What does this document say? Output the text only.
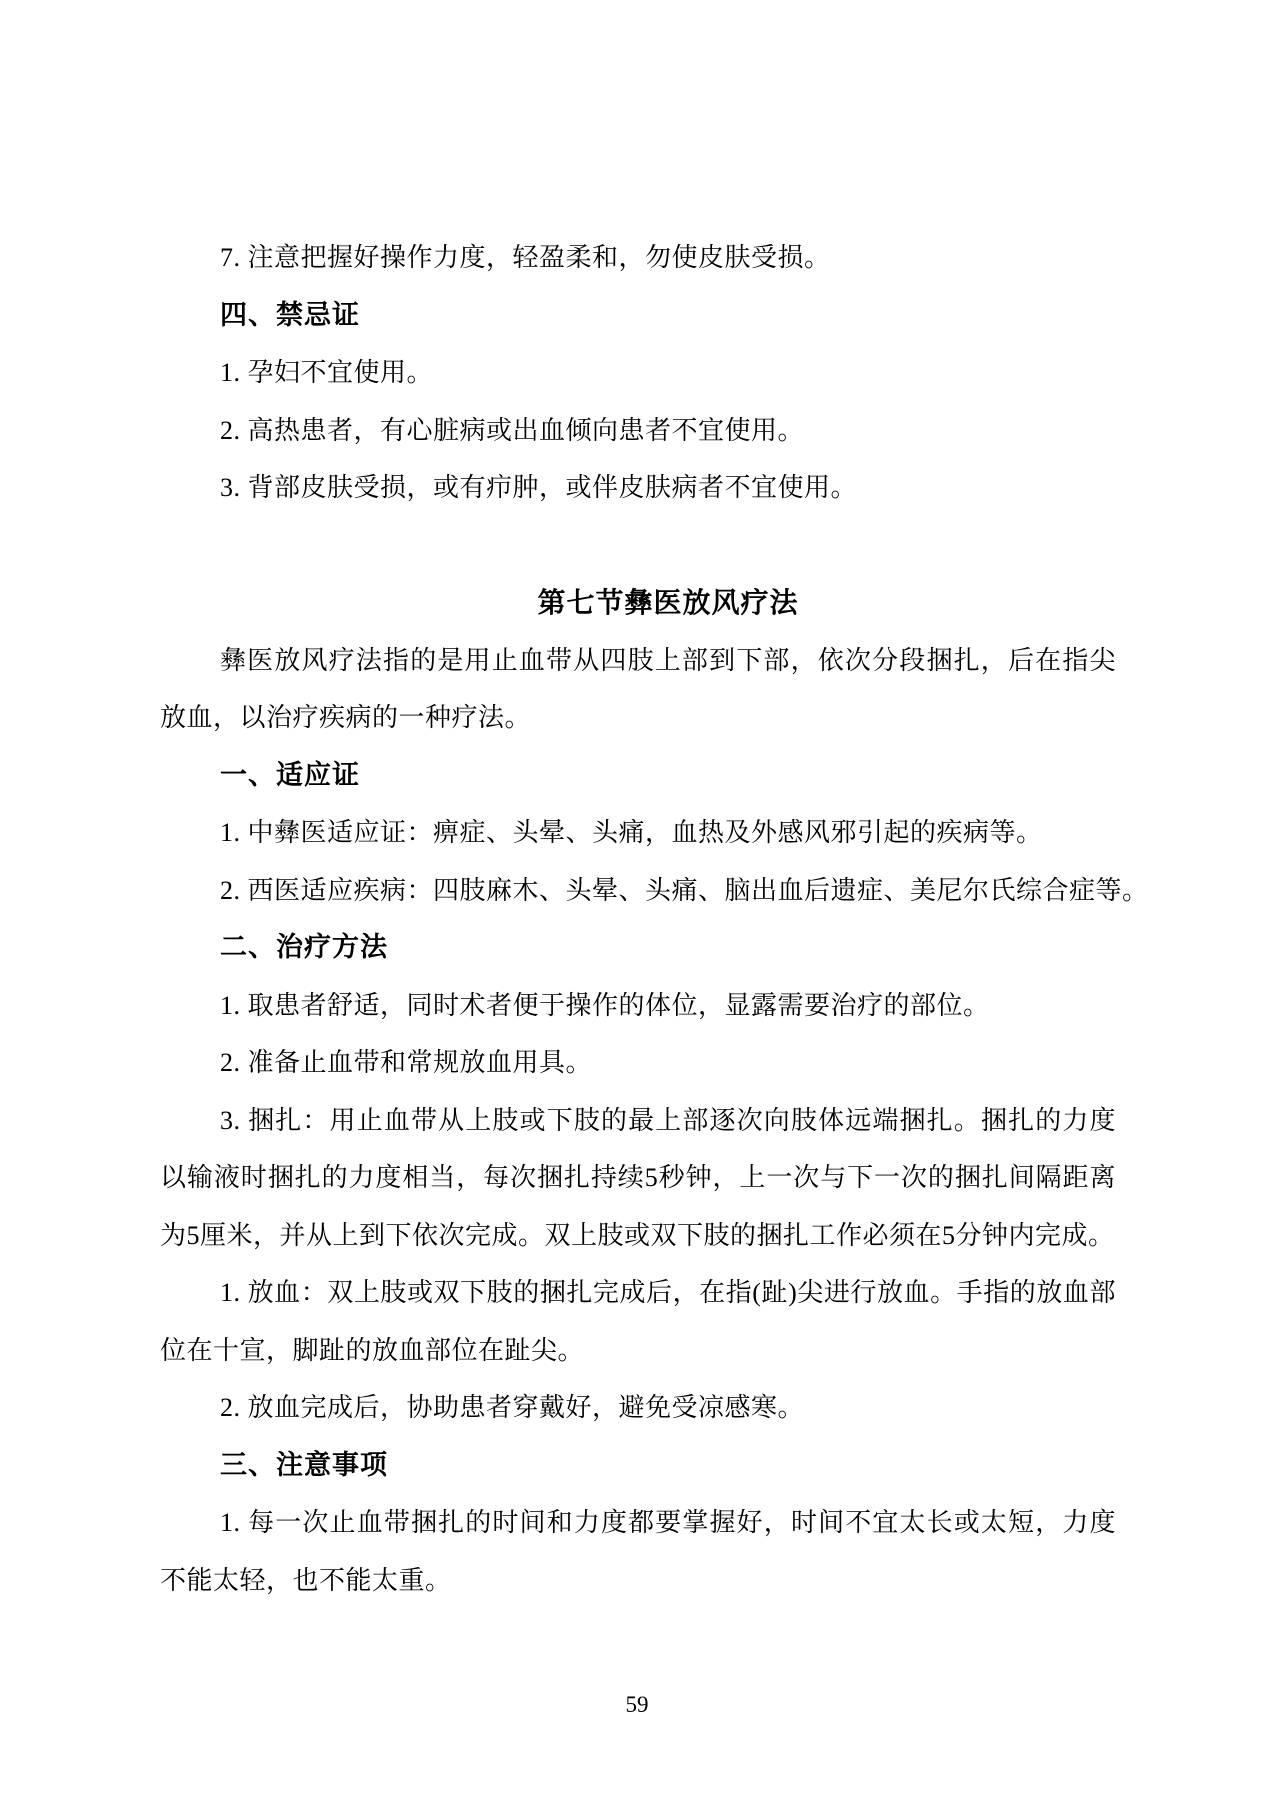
7. 注意把握好操作力度，轻盈柔和，勿使皮肤受损。

四、禁忌证

1. 孕妇不宜使用。

2. 高热患者，有心脏病或出血倾向患者不宜使用。

3. 背部皮肤受损，或有疖肿，或伴皮肤病者不宜使用。

第七节彝医放风疗法

彝医放风疗法指的是用止血带从四肢上部到下部，依次分段捆扎，后在指尖放血，以治疗疾病的一种疗法。

一、适应证

1. 中彝医适应证：痹症、头晕、头痛，血热及外感风邪引起的疾病等。

2. 西医适应疾病：四肢麻木、头晕、头痛、脑出血后遗症、美尼尔氏综合症等。

二、治疗方法

1. 取患者舒适，同时术者便于操作的体位，显露需要治疗的部位。

2. 准备止血带和常规放血用具。

3. 捆扎：用止血带从上肢或下肢的最上部逐次向肢体远端捆扎。捆扎的力度以输液时捆扎的力度相当，每次捆扎持续5秒钟，上一次与下一次的捆扎间隔距离为5厘米，并从上到下依次完成。双上肢或双下肢的捆扎工作必须在5分钟内完成。

1. 放血：双上肢或双下肢的捆扎完成后，在指(趾)尖进行放血。手指的放血部位在十宣，脚趾的放血部位在趾尖。

2. 放血完成后，协助患者穿戴好，避免受凉感寒。

三、注意事项

1. 每一次止血带捆扎的时间和力度都要掌握好，时间不宜太长或太短，力度不能太轻，也不能太重。

59
